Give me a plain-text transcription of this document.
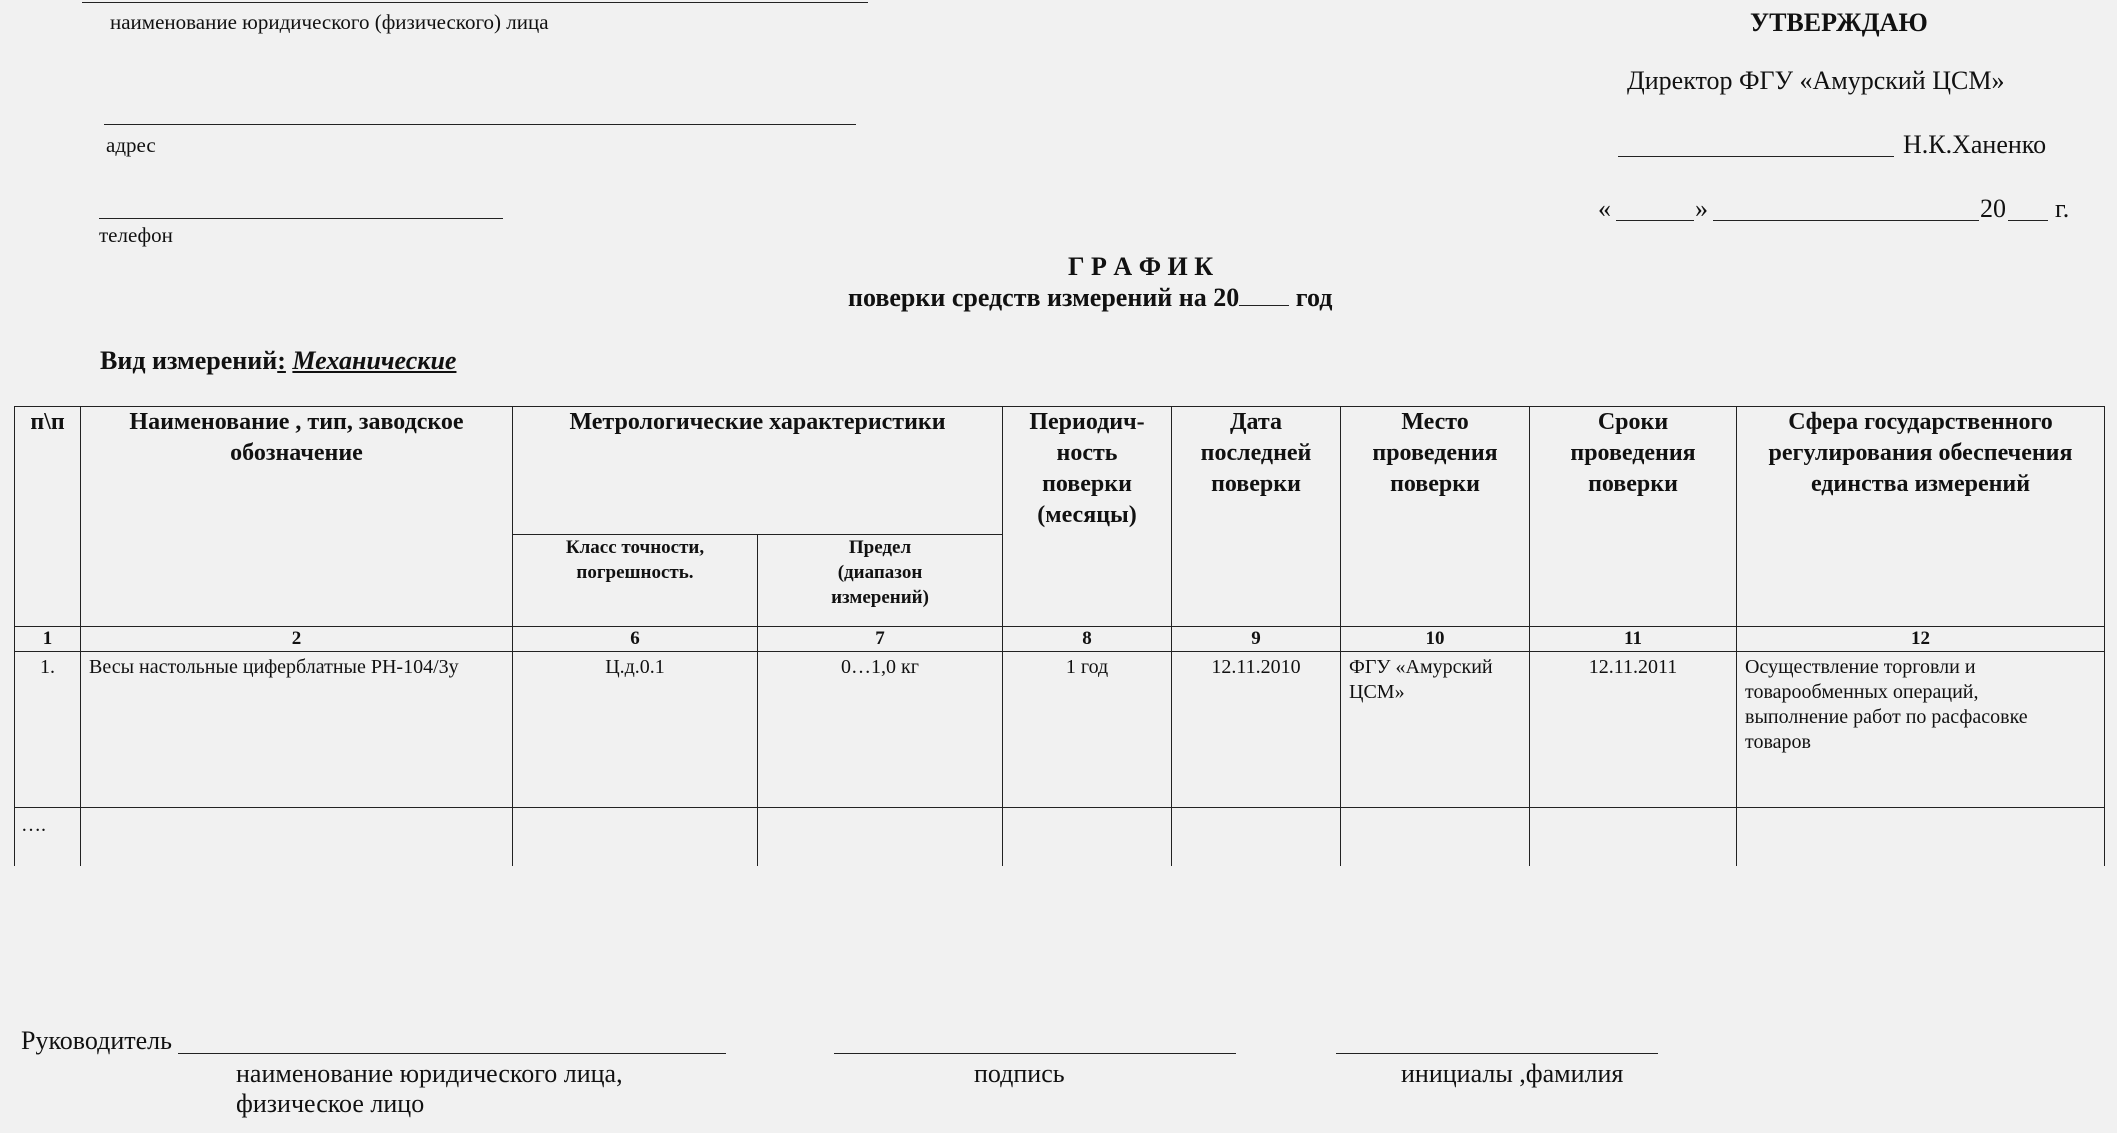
наименование юридического (физического) лица
адрес
телефон
УТВЕРЖДАЮ
Директор ФГУ «Амурский ЦСМ»
Н.К.Ханенко
«	»	20 г.
Г Р А Ф И К
поверки средств измерений на 20 год
Вид измерений: Механические
п\п	Наименование , тип, заводское обозначение	Метрологические характеристики		Периодич-ность поверки (месяцы)	Дата последней поверки	Место проведения поверки	Сроки проведения поверки	Сфера государственного регулирования обеспечения единства измерений
		Класс точности, погрешность.	Предел (диапазон измерений)					
1	2	6	7	8	9	10	11	12
1.	Весы настольные циферблатные РН-104/3у	Ц.д.0.1	0…1,0 кг	1 год	12.11.2010	ФГУ «Амурский ЦСМ»	12.11.2011	Осуществление торговли и товарообменных операций, выполнение работ по расфасовке товаров
….								
Руководитель
наименование юридического лица,
физическое лицо
подпись	инициалы ,фамилия
